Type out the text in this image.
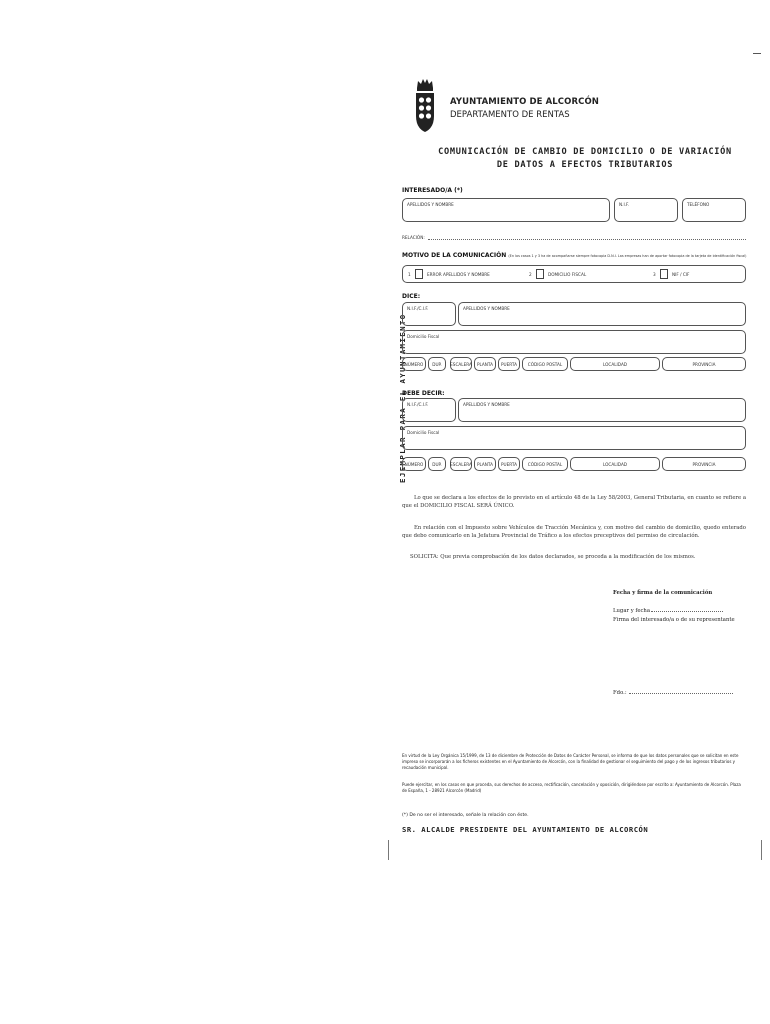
AYUNTAMIENTO DE ALCORCÓN
DEPARTAMENTO DE RENTAS
COMUNICACIÓN DE CAMBIO DE DOMICILIO O DE VARIACIÓN
DE DATOS A EFECTOS TRIBUTARIOS
EJEMPLAR PARA EL AYUNTAMIENTO
INTERESADO/A (*)
APELLIDOS Y NOMBRE	N.I.F.	TELÉFONO
RELACIÓN:
MOTIVO DE LA COMUNICACIÓN (En los casos 1 y 3 ha de acompañarse siempre fotocopia D.N.I. Las empresas han de aportar fotocopia de la tarjeta de identificación fiscal)
1	ERROR APELLIDOS Y NOMBRE	2	DOMICILIO FISCAL	3	NIF / CIF
DICE:
N.I.F./C.I.F.	APELLIDOS Y NOMBRE
Domicilio Fiscal
NÚMERO	DUP.	ESCALERA	PLANTA	PUERTA	CÓDIGO POSTAL	LOCALIDAD	PROVINCIA
DEBE DECIR:
N.I.F./C.I.F.	APELLIDOS Y NOMBRE
Domicilio Fiscal
NÚMERO	DUP.	ESCALERA	PLANTA	PUERTA	CÓDIGO POSTAL	LOCALIDAD	PROVINCIA
Lo que se declara a los efectos de lo previsto en el artículo 48 de la Ley 58/2003, General Tributaria, en cuanto se refiere a que el DOMICILIO FISCAL SERÁ ÚNICO.
En relación con el Impuesto sobre Vehículos de Tracción Mecánica y, con motivo del cambio de domicilio, quedo enterado que debo comunicarlo en la Jefatura Provincial de Tráfico a los efectos preceptivos del permiso de circulación.
SOLICITA: Que previa comprobación de los datos declarados, se proceda a la modificación de los mismos.
Fecha y firma de la comunicación
Lugar y fecha
Firma del interesado/a o de su representante
Fdo.:
En virtud de la Ley Orgánica 15/1999, de 13 de diciembre de Protección de Datos de Carácter Personal, se informa de que los datos personales que se solicitan en este impreso se incorporarán a los ficheros existentes en el Ayuntamiento de Alcorcón, con la finalidad de gestionar el seguimiento del pago y de los ingresos tributarios y recaudación municipal.
Puede ejercitar, en los casos en que proceda, sus derechos de acceso, rectificación, cancelación y oposición, dirigiéndose por escrito a: Ayuntamiento de Alcorcón. Plaza de España, 1 - 28921 Alcorcón (Madrid)
(*) De no ser el interesado, señale la relación con éste.
SR. ALCALDE PRESIDENTE DEL AYUNTAMIENTO DE ALCORCÓN
